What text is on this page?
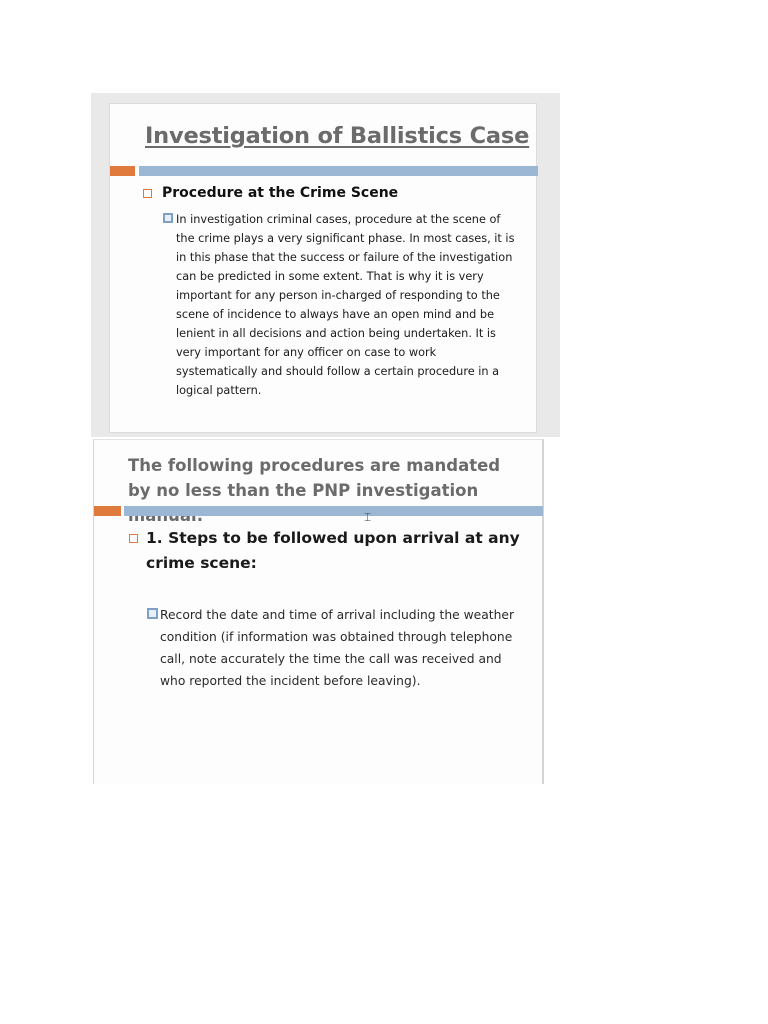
Investigation of Ballistics Case
Procedure at the Crime Scene

In investigation criminal cases, procedure at the scene of the crime plays a very significant phase. In most cases, it is in this phase that the success or failure of the investigation can be predicted in some extent. That is why it is very important for any person in-charged of responding to the scene of incidence to always have an open mind and be lenient in all decisions and action being undertaken. It is very important for any officer on case to work systematically and should follow a certain procedure in a logical pattern.

The following procedures are mandated by no less than the PNP investigation

⌶

1. Steps to be followed upon arrival at any crime scene:

Record the date and time of arrival including the weather condition (if information was obtained through telephone call, note accurately the time the call was received and who reported the incident before leaving).
